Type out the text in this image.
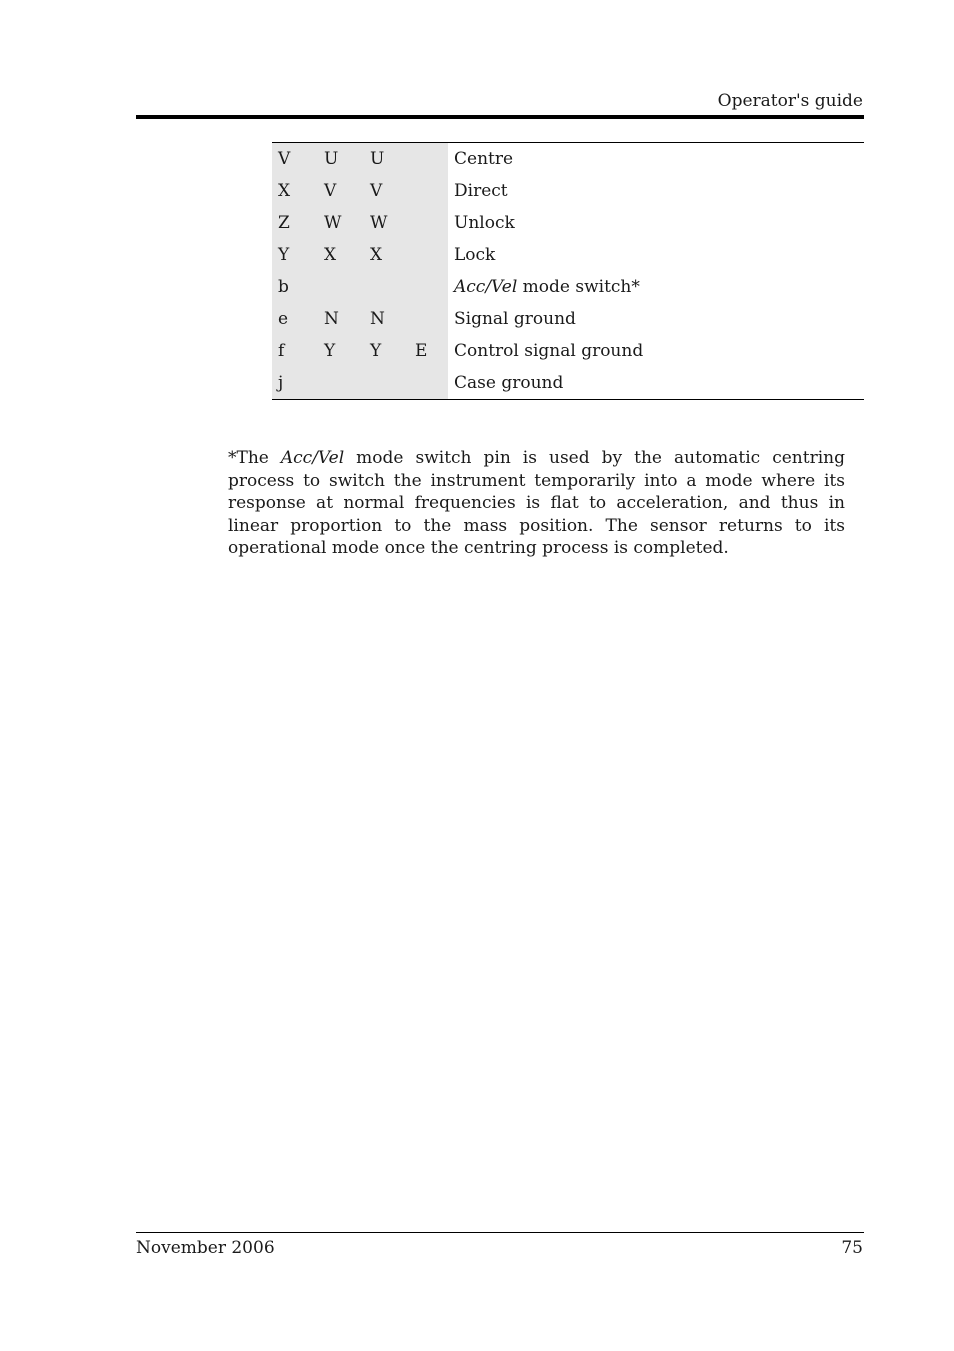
Operator's guide
V	U	U		Centre
X	V	V		Direct
Z	W	W		Unlock
Y	X	X		Lock
b				Acc/Vel mode switch*
e	N	N		Signal ground
f	Y	Y	E	Control signal ground
j				Case ground

*The Acc/Vel mode switch pin is used by the automatic centring process to switch the instrument temporarily into a mode where its response at normal frequencies is flat to acceleration, and thus in linear proportion to the mass position. The sensor returns to its operational mode once the centring process is completed.

November 2006	75
